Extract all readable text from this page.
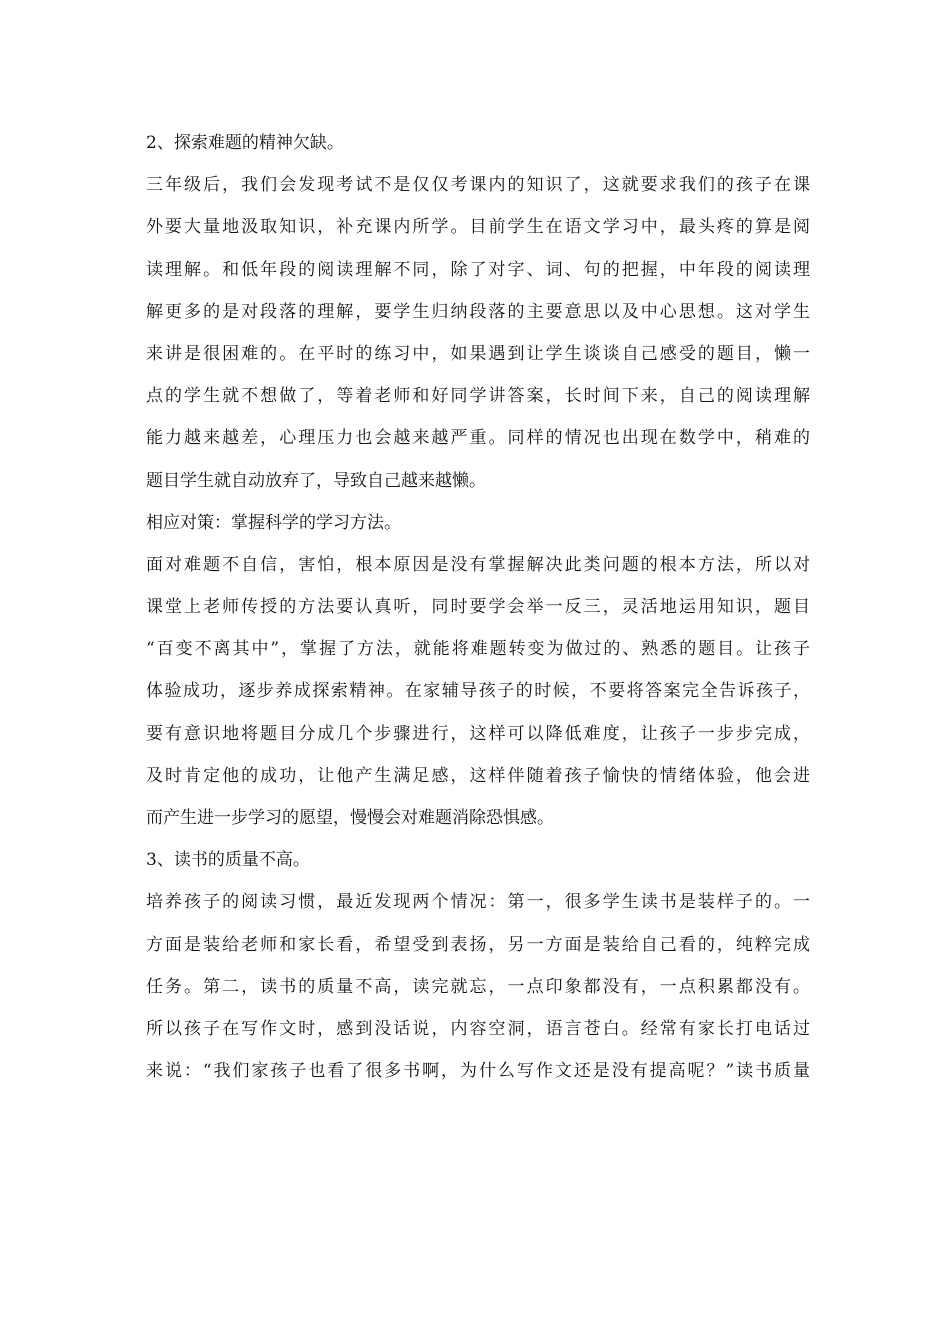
2、探索难题的精神欠缺。
三年级后，我们会发现考试不是仅仅考课内的知识了，这就要求我们的孩子在课
外要大量地汲取知识，补充课内所学。目前学生在语文学习中，最头疼的算是阅
读理解。和低年段的阅读理解不同，除了对字、词、句的把握，中年段的阅读理
解更多的是对段落的理解，要学生归纳段落的主要意思以及中心思想。这对学生
来讲是很困难的。在平时的练习中，如果遇到让学生谈谈自己感受的题目，懒一
点的学生就不想做了，等着老师和好同学讲答案，长时间下来，自己的阅读理解
能力越来越差，心理压力也会越来越严重。同样的情况也出现在数学中，稍难的
题目学生就自动放弃了，导致自己越来越懒。
相应对策：掌握科学的学习方法。
面对难题不自信，害怕，根本原因是没有掌握解决此类问题的根本方法，所以对
课堂上老师传授的方法要认真听，同时要学会举一反三，灵活地运用知识，题目
“百变不离其中”，掌握了方法，就能将难题转变为做过的、熟悉的题目。让孩子
体验成功，逐步养成探索精神。在家辅导孩子的时候，不要将答案完全告诉孩子，
要有意识地将题目分成几个步骤进行，这样可以降低难度，让孩子一步步完成，
及时肯定他的成功，让他产生满足感，这样伴随着孩子愉快的情绪体验，他会进
而产生进一步学习的愿望，慢慢会对难题消除恐惧感。
3、读书的质量不高。
培养孩子的阅读习惯，最近发现两个情况：第一，很多学生读书是装样子的。一
方面是装给老师和家长看，希望受到表扬，另一方面是装给自己看的，纯粹完成
任务。第二，读书的质量不高，读完就忘，一点印象都没有，一点积累都没有。
所以孩子在写作文时，感到没话说，内容空洞，语言苍白。经常有家长打电话过
来说：“我们家孩子也看了很多书啊，为什么写作文还是没有提高呢？”读书质量
